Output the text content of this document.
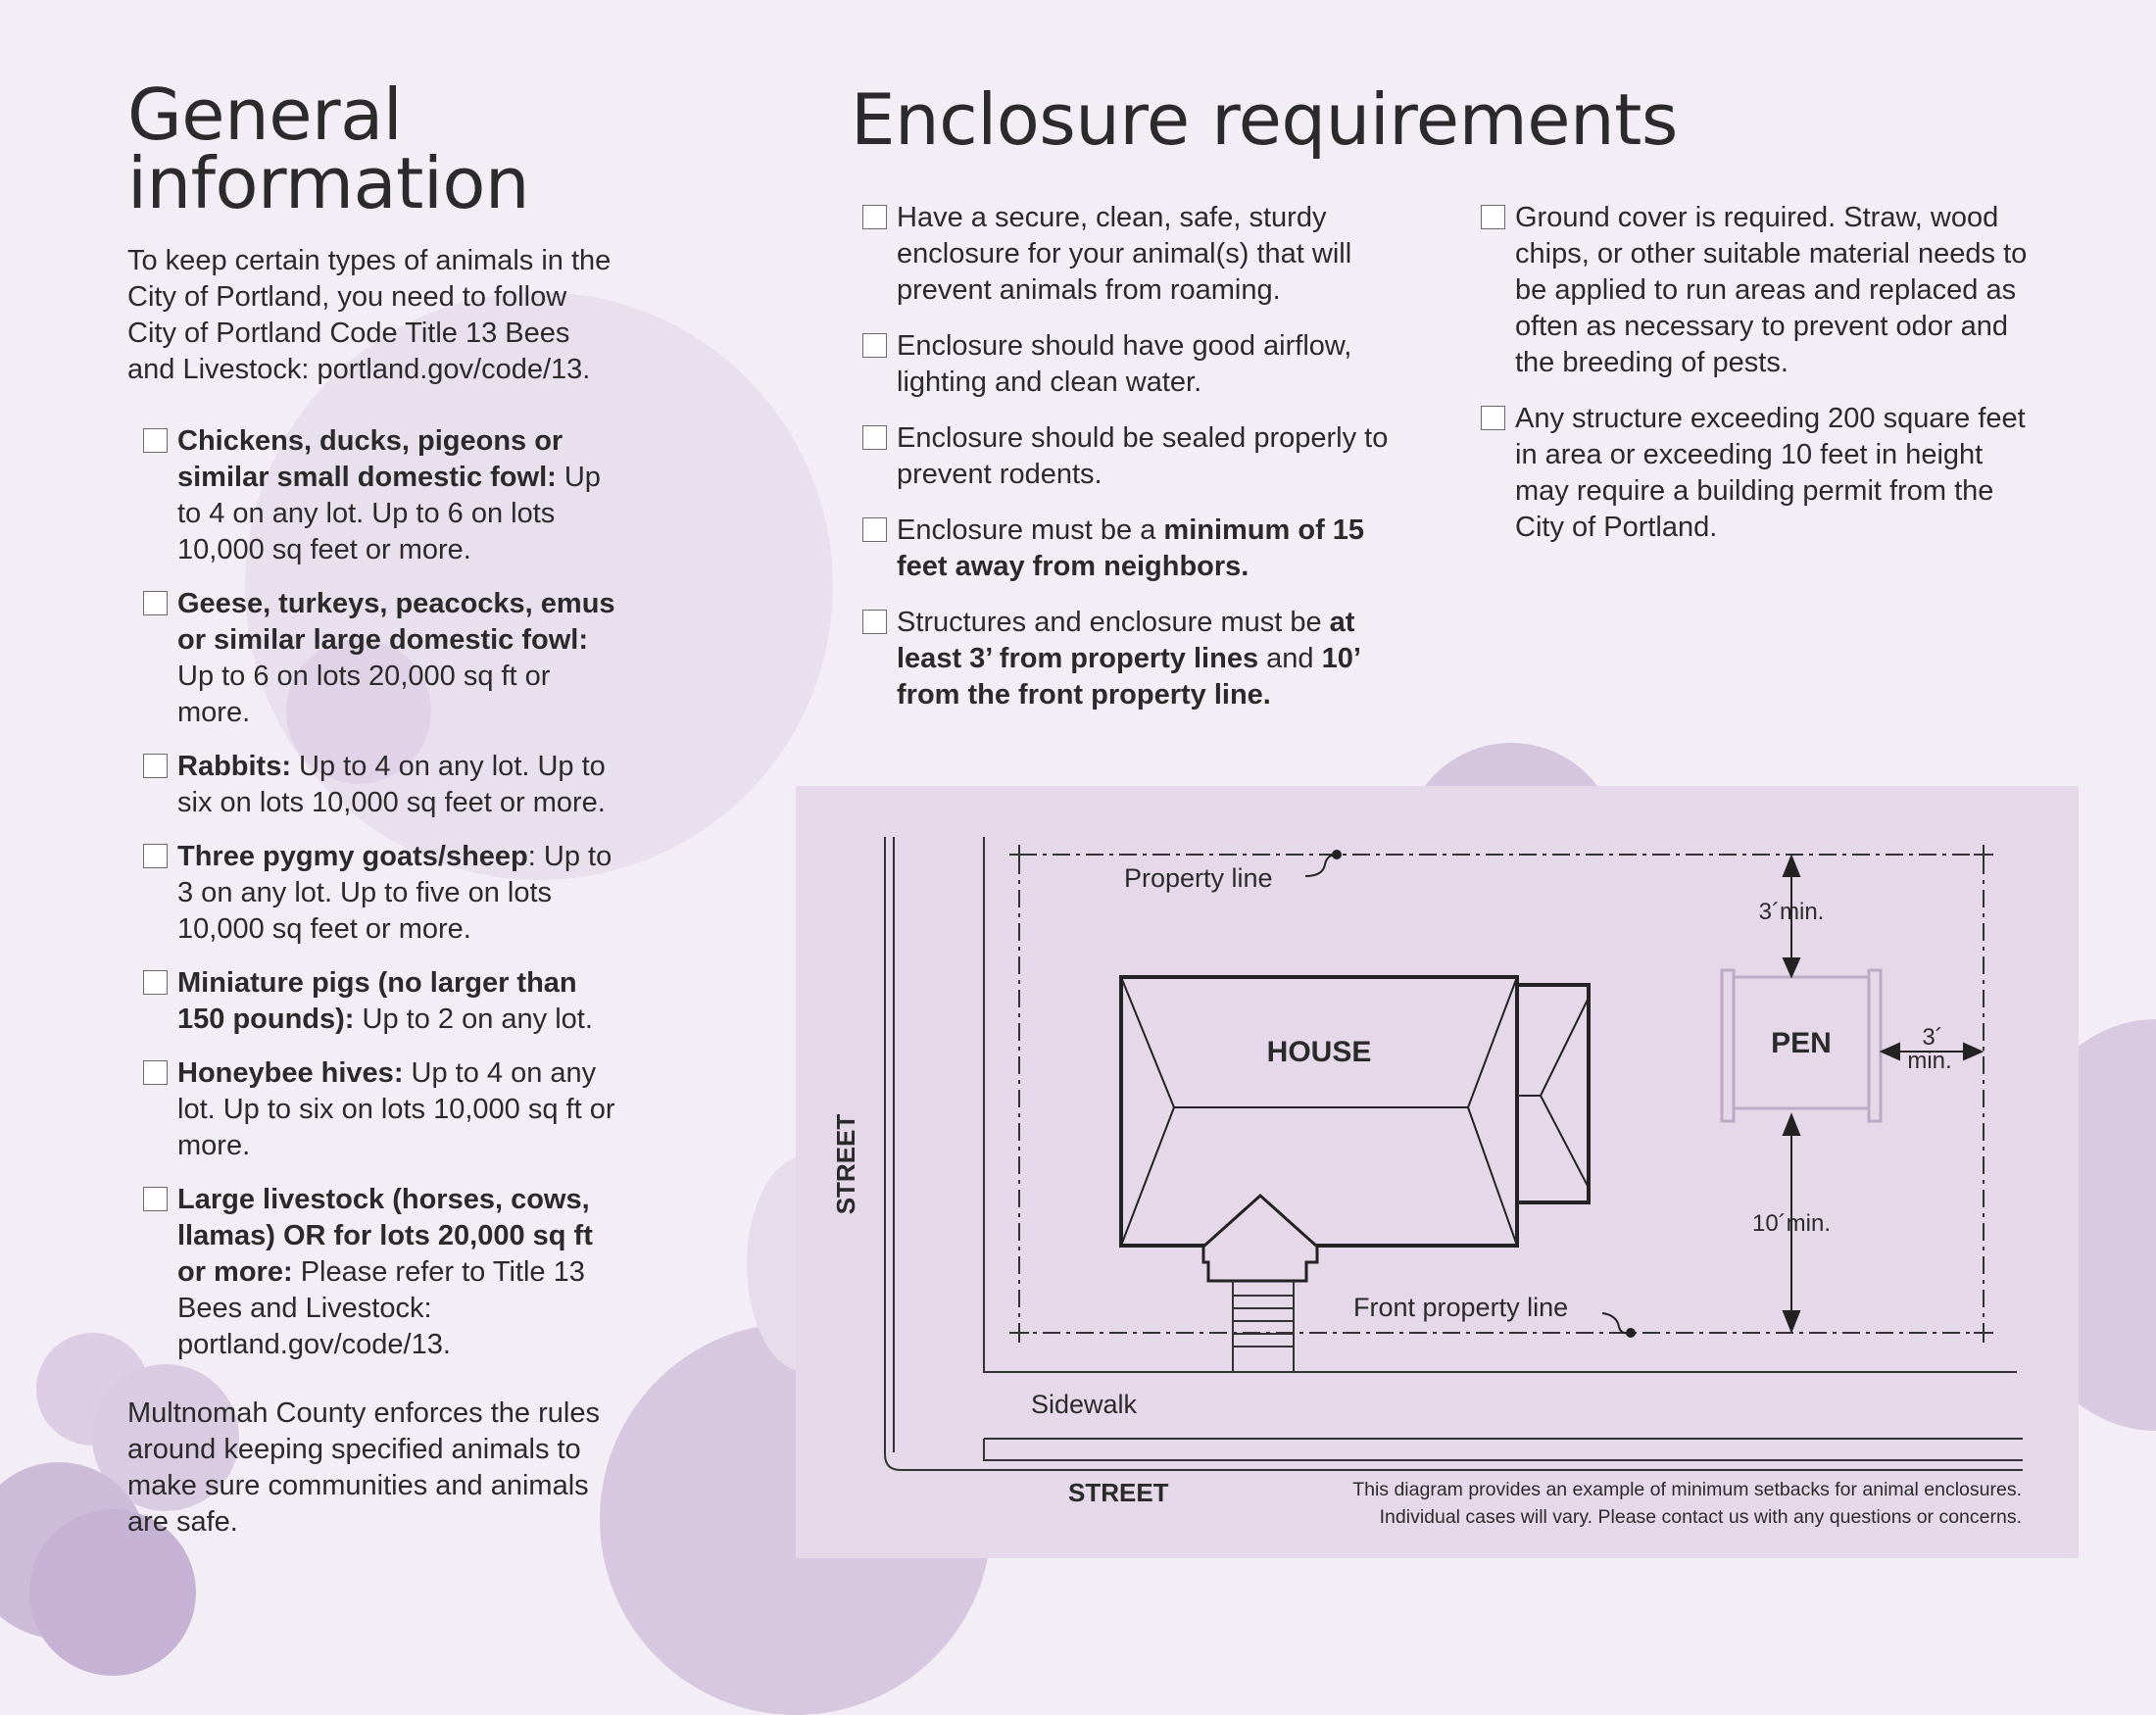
General
information
To keep certain types of animals in the City of Portland, you need to follow City of Portland Code Title 13 Bees and Livestock: portland.gov/code/13.
Chickens, ducks, pigeons or similar small domestic fowl: Up to 4 on any lot. Up to 6 on lots 10,000 sq feet or more.
Geese, turkeys, peacocks, emus or similar large domestic fowl: Up to 6 on lots 20,000 sq ft or more.
Rabbits: Up to 4 on any lot. Up to six on lots 10,000 sq feet or more.
Three pygmy goats/sheep: Up to 3 on any lot. Up to five on lots 10,000 sq feet or more.
Miniature pigs (no larger than 150 pounds): Up to 2 on any lot.
Honeybee hives: Up to 4 on any lot. Up to six on lots 10,000 sq ft or more.
Large livestock (horses, cows, llamas) OR for lots 20,000 sq ft or more: Please refer to Title 13 Bees and Livestock: portland.gov/code/13.
Multnomah County enforces the rules around keeping specified animals to make sure communities and animals are safe.
Enclosure requirements
Have a secure, clean, safe, sturdy enclosure for your animal(s) that will prevent animals from roaming.
Enclosure should have good airflow, lighting and clean water.
Enclosure should be sealed properly to prevent rodents.
Enclosure must be a minimum of 15 feet away from neighbors.
Structures and enclosure must be at least 3’ from property lines and 10’ from the front property line.
Ground cover is required. Straw, wood chips, or other suitable material needs to be applied to run areas and replaced as often as necessary to prevent odor and the breeding of pests.
Any structure exceeding 200 square feet in area or exceeding 10 feet in height may require a building permit from the City of Portland.
Property line
Front property line
HOUSE	PEN
3´min.
3´
min.
10´min.
STREET
STREET
Sidewalk
This diagram provides an example of minimum setbacks for animal enclosures.
Individual cases will vary. Please contact us with any questions or concerns.
